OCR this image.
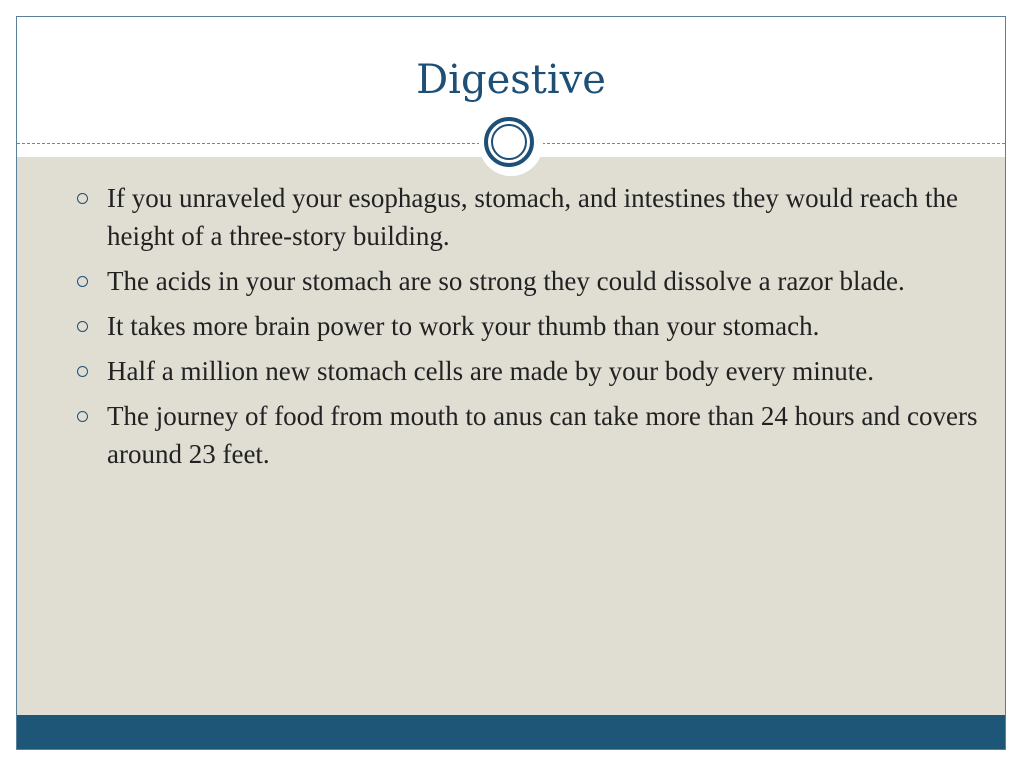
Digestive
If you unraveled your esophagus, stomach, and intestines they would reach the height of a three-story building.
The acids in your stomach are so strong they could dissolve a razor blade.
It takes more brain power to work your thumb than your stomach.
Half a million new stomach cells are made by your body every minute.
The journey of food from mouth to anus can take more than 24 hours and covers around 23 feet.
